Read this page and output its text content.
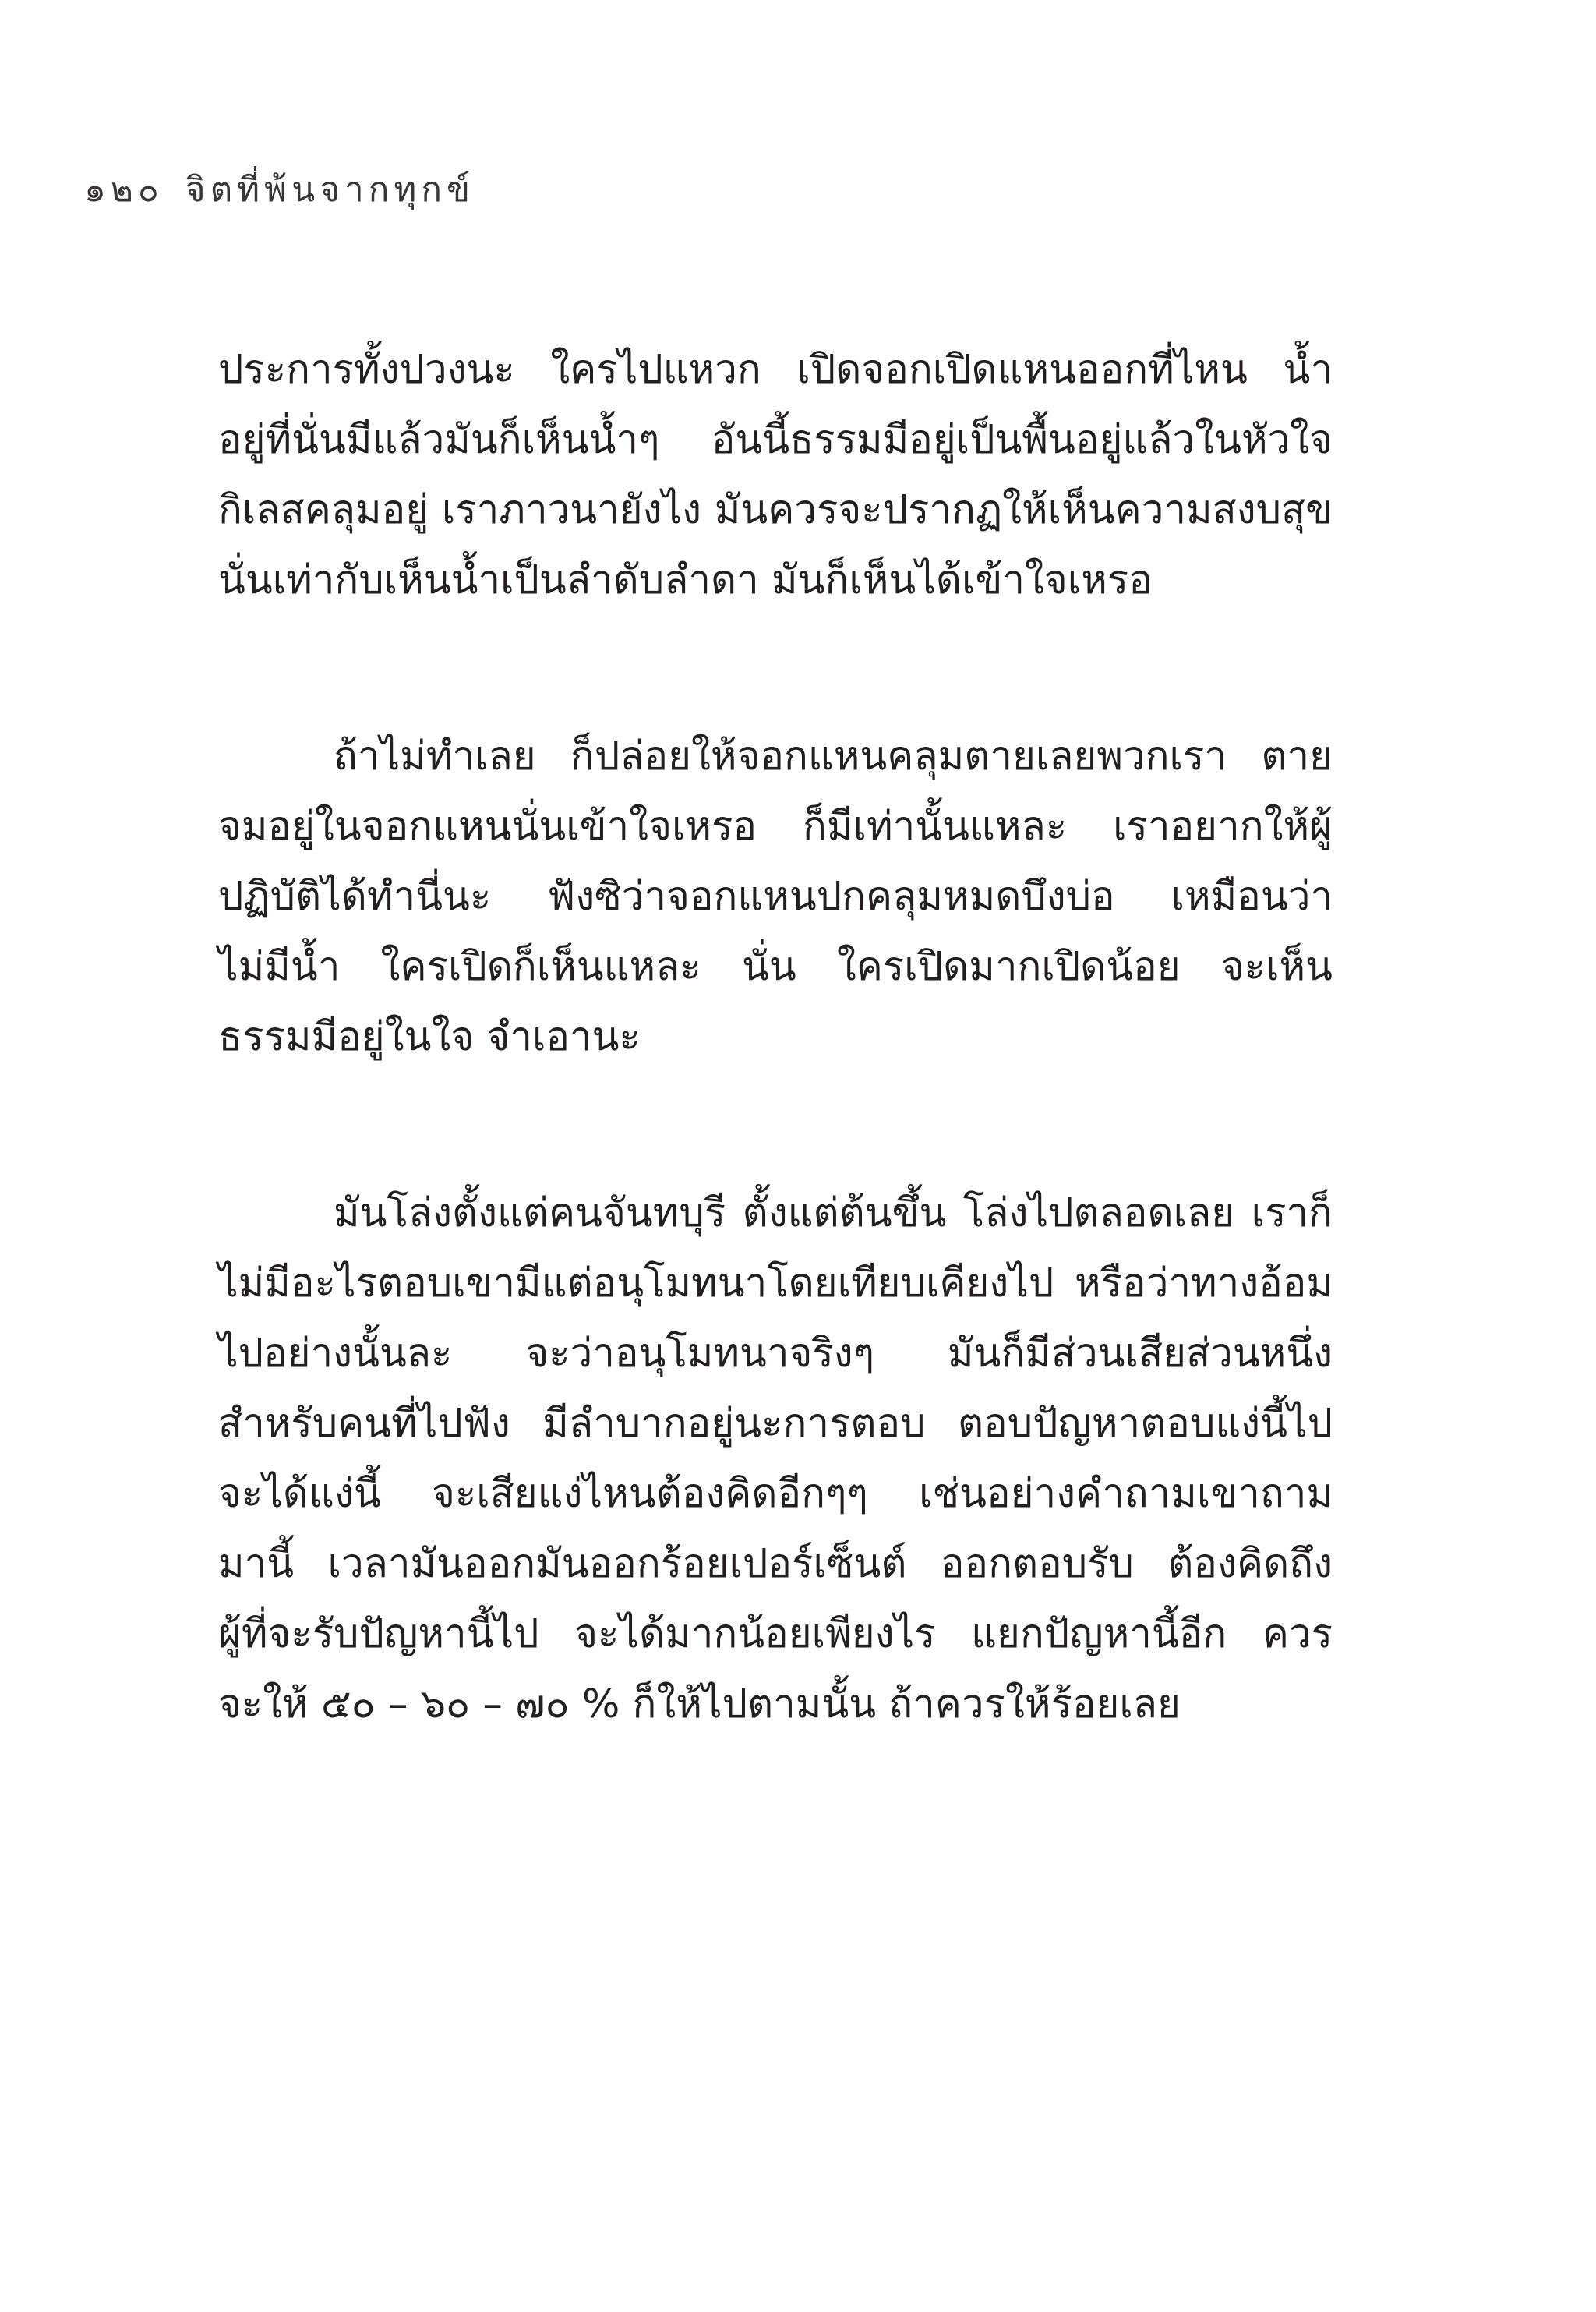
๑๒๐ จิตที่พ้นจากทุกข์
ประการทั้งปวงนะ ใครไปแหวก เปิดจอกเปิดแหนออกที่ไหน น้ำ
อยู่ที่นั่นมีแล้วมันก็เห็นน้ำๆ อันนี้ธรรมมีอยู่เป็นพื้นอยู่แล้วในหัวใจ
กิเลสคลุมอยู่ เราภาวนายังไง มันควรจะปรากฏให้เห็นความสงบสุข
นั่นเท่ากับเห็นน้ำเป็นลำดับลำดา
มันก็เห็นได้เข้าใจเหรอ
ถ้าไม่ทำเลย ก็ปล่อยให้จอกแหนคลุมตายเลยพวกเรา ตาย
จมอยู่ในจอกแหนนั่นเข้าใจเหรอ ก็มีเท่านั้นแหละ เราอยากให้ผู้
ปฏิบัติได้ทำนี่นะ ฟังซิว่าจอกแหนปกคลุมหมดบึงบ่อ เหมือนว่า
ไม่มีน้ำ ใครเปิดก็เห็นแหละ นั่น ใครเปิดมากเปิดน้อย จะเห็น
ธรรมมีอยู่ในใจ
จำเอานะ
มันโล่งตั้งแต่คนจันทบุรี ตั้งแต่ต้นขึ้น โล่งไปตลอดเลย เราก็
ไม่มีอะไรตอบเขามีแต่อนุโมทนาโดยเทียบเคียงไป หรือว่าทางอ้อม
ไปอย่างนั้นละ จะว่าอนุโมทนาจริงๆ มันก็มีส่วนเสียส่วนหนึ่ง
สำหรับคนที่ไปฟัง มีลำบากอยู่นะการตอบ ตอบปัญหาตอบแง่นี้ไป
จะได้แง่นี้ จะเสียแง่ไหนต้องคิดอีกๆๆ เช่นอย่างคำถามเขาถาม
มานี้ เวลามันออกมันออกร้อยเปอร์เซ็นต์ ออกตอบรับ ต้องคิดถึง
ผู้ที่จะรับปัญหานี้ไป จะได้มากน้อยเพียงไร แยกปัญหานี้อีก ควร
จะให้
๕๐
–
๖๐
–
๗๐
%
ก็ให้ไปตามนั้น
ถ้าควรให้ร้อยเลย
